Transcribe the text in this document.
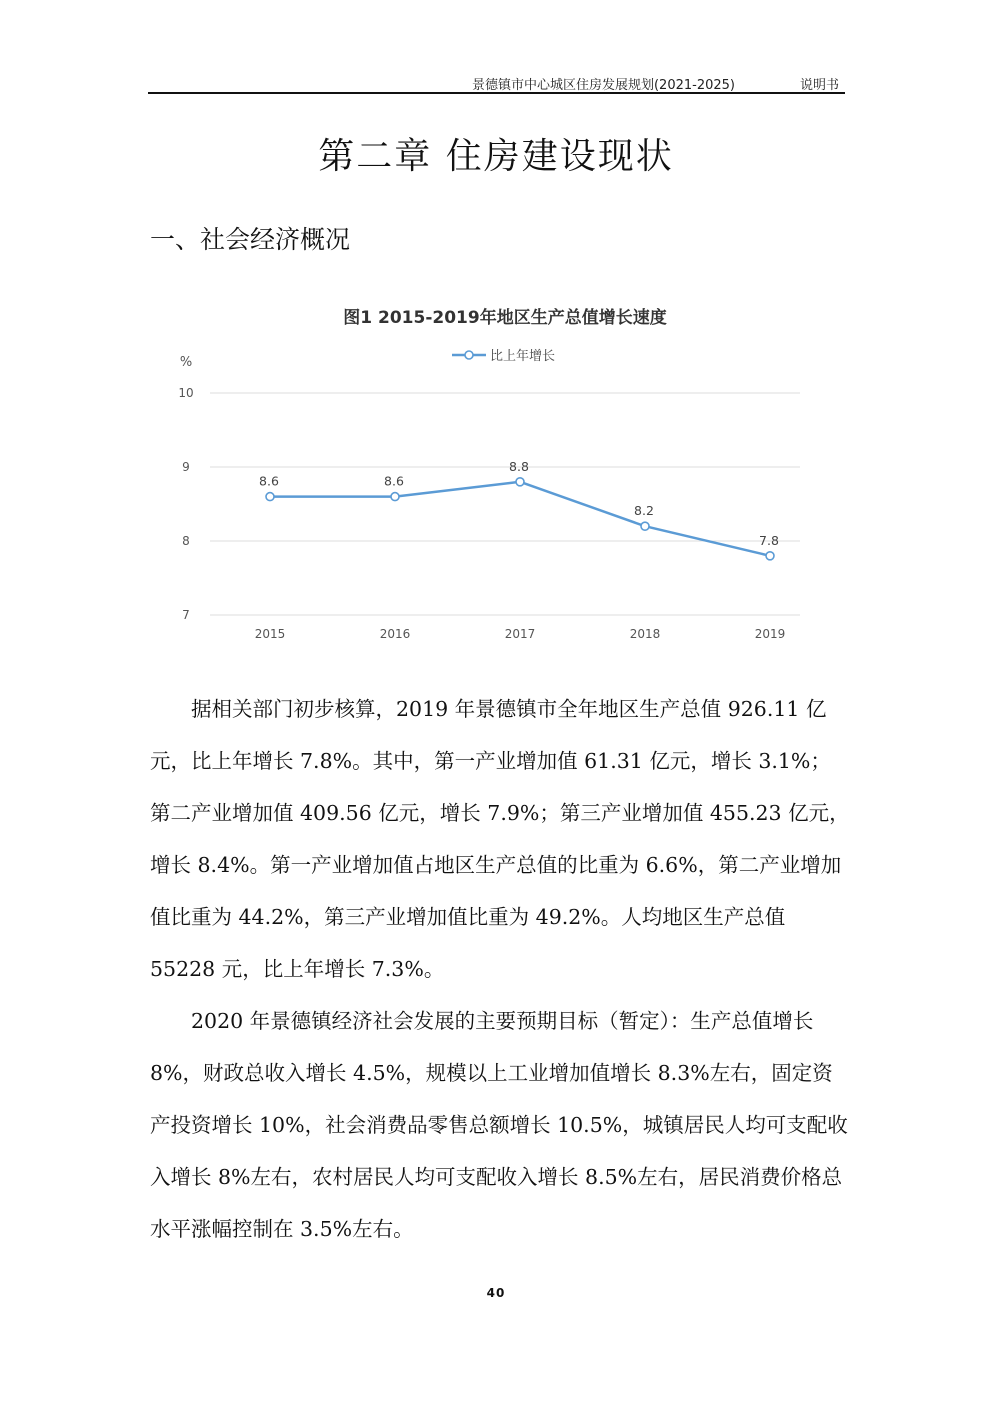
景德镇市中心城区住房发展规划(2021-2025)	说明书
第二章 住房建设现状
一、社会经济概况
图1 2015-2019年地区生产总值增长速度
%	比上年增长
7
8
9
10
2015	2016	2017	2018	2019
8.6	8.6
8.8
8.2
7.8

据相关部门初步核算，2019 年景德镇市全年地区生产总值 926.11 亿元，比上年增长 7.8%。其中，第一产业增加值 61.31 亿元，增长 3.1%；第二产业增加值 409.56 亿元，增长 7.9%；第三产业增加值 455.23 亿元，增长 8.4%。第一产业增加值占地区生产总值的比重为 6.6%，第二产业增加值比重为 44.2%，第三产业增加值比重为 49.2%。人均地区生产总值 55228 元，比上年增长 7.3%。

2020 年景德镇经济社会发展的主要预期目标（暂定）：生产总值增长 8%，财政总收入增长 4.5%，规模以上工业增加值增长 8.3%左右，固定资产投资增长 10%，社会消费品零售总额增长 10.5%，城镇居民人均可支配收入增长 8%左右，农村居民人均可支配收入增长 8.5%左右，居民消费价格总水平涨幅控制在 3.5%左右。

40
